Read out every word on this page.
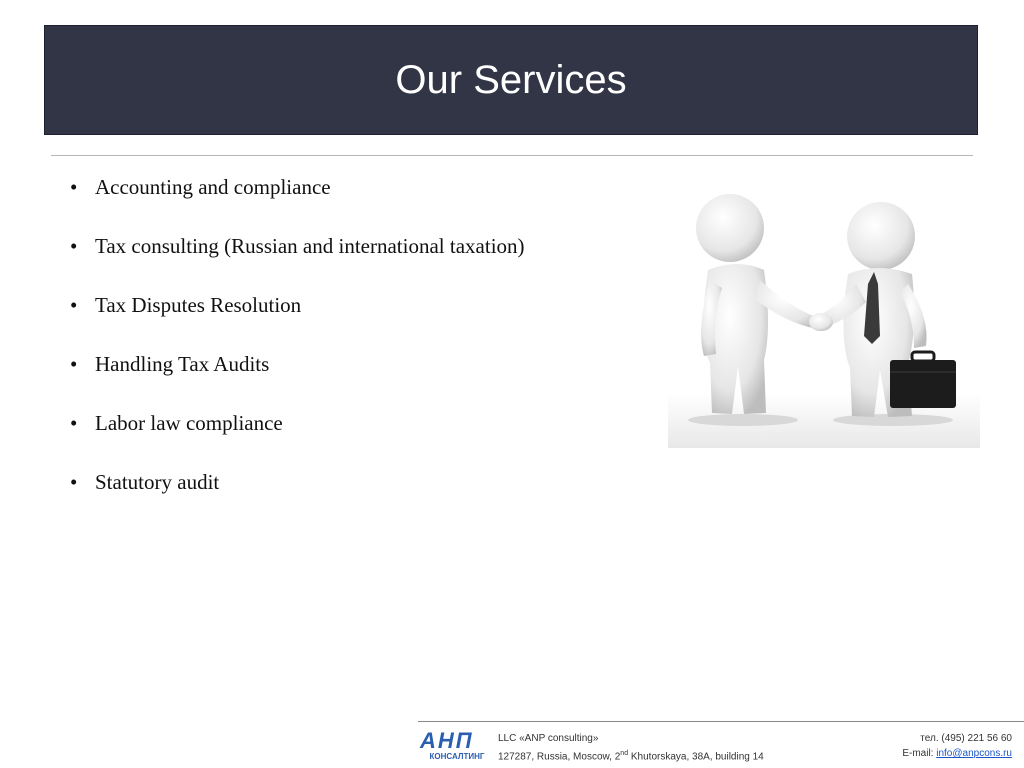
Our Services
• Accounting and compliance
• Tax consulting (Russian and international taxation)
• Tax Disputes Resolution
• Handling Tax Audits
• Labor law compliance
• Statutory audit
АНП
КОНСАЛТИНГ
LLC «ANP consulting»
127287, Russia, Moscow, 2nd Khutorskaya, 38A, building 14
тел. (495) 221 56 60
E-mail: info@anpcons.ru
